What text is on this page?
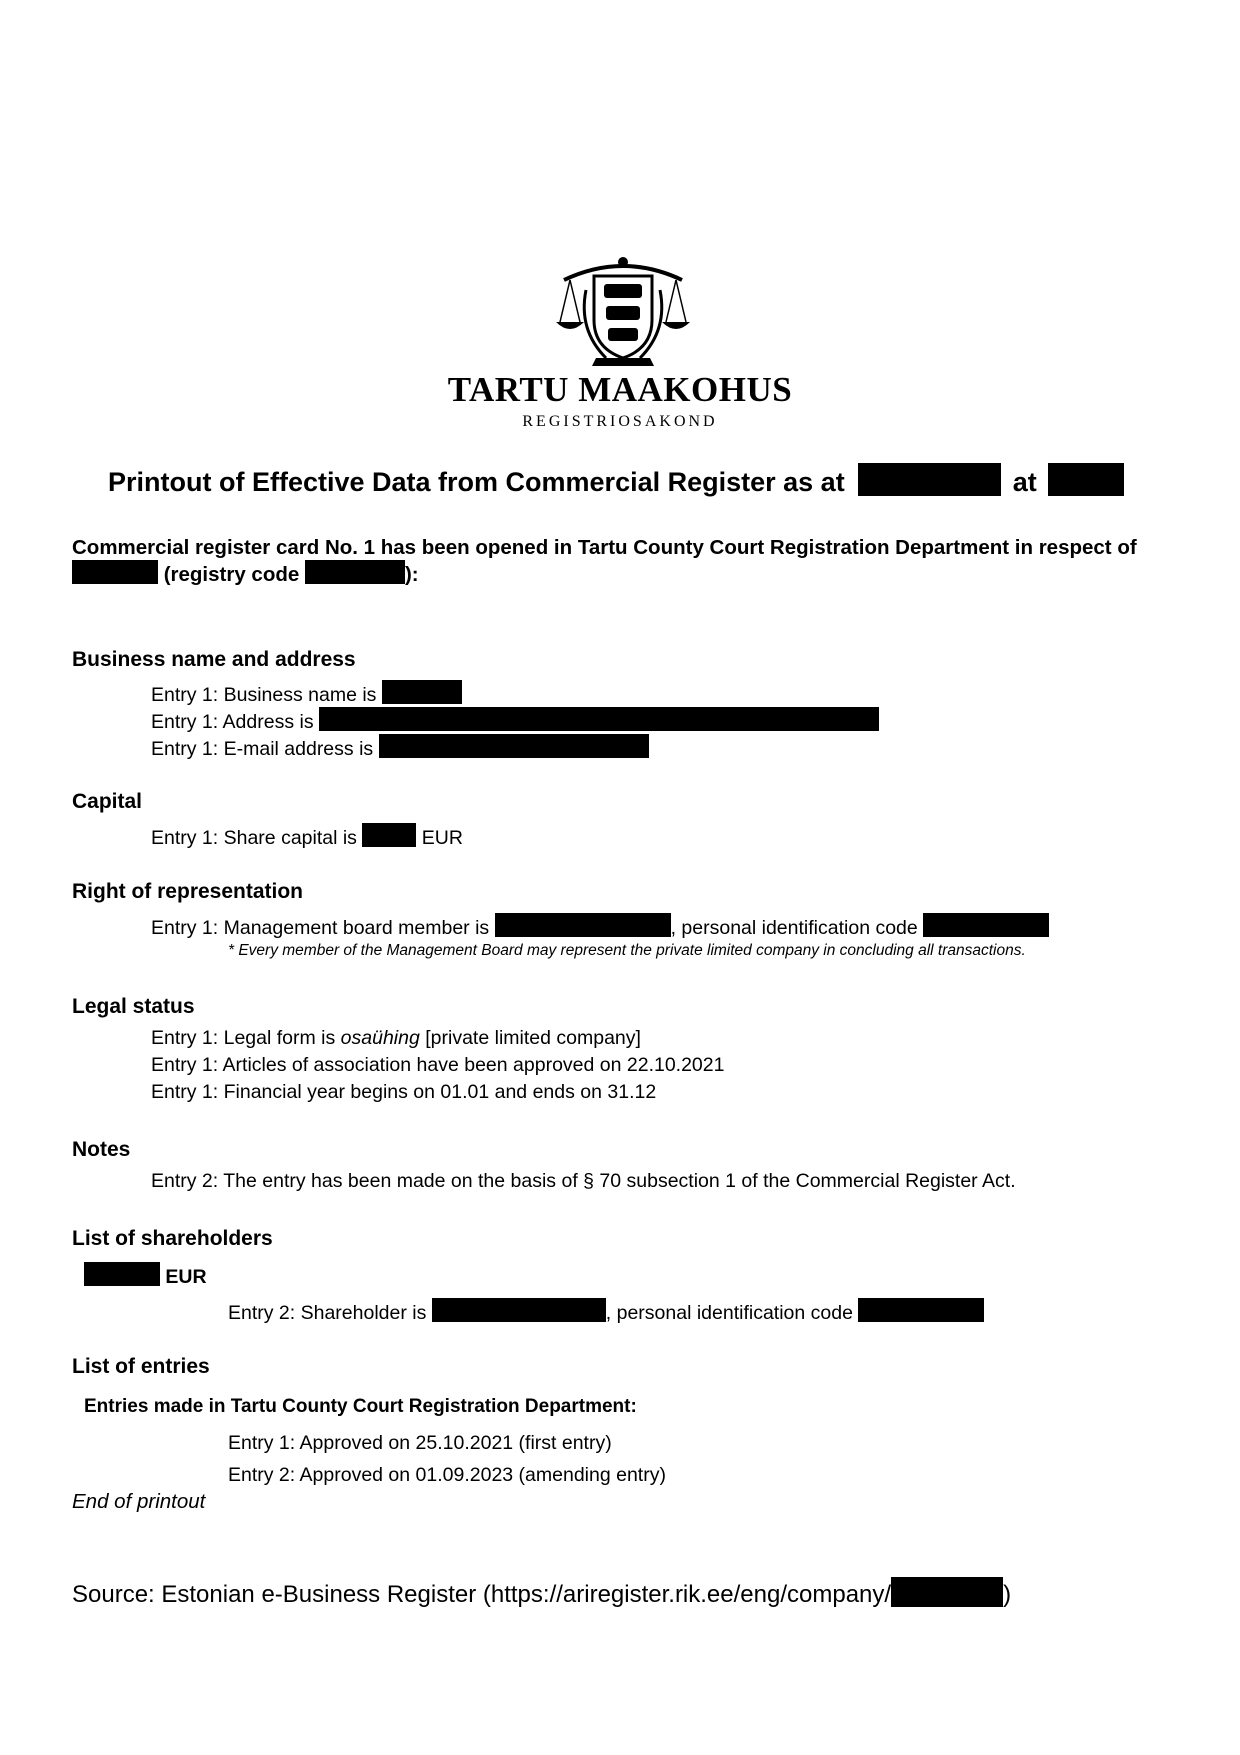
TARTU MAAKOHUS
REGISTRIOSAKOND
Printout of Effective Data from Commercial Register as at	at
Commercial register card No. 1 has been opened in Tartu County Court Registration Department in respect of
(registry code	):
Business name and address
Entry 1: Business name is
Entry 1: Address is
Entry 1: E-mail address is
Capital
Entry 1: Share capital is	EUR
Right of representation
Entry 1: Management board member is	, personal identification code
* Every member of the Management Board may represent the private limited company in concluding all transactions.
Legal status
Entry 1: Legal form is osaühing [private limited company]
Entry 1: Articles of association have been approved on 22.10.2021
Entry 1: Financial year begins on 01.01 and ends on 31.12
Notes
Entry 2: The entry has been made on the basis of § 70 subsection 1 of the Commercial Register Act.
List of shareholders
EUR
Entry 2: Shareholder is	, personal identification code
List of entries
Entries made in Tartu County Court Registration Department:
Entry 1: Approved on 25.10.2021 (first entry)
Entry 2: Approved on 01.09.2023 (amending entry)
End of printout
Source: Estonian e-Business Register (https://ariregister.rik.ee/eng/company/	)
